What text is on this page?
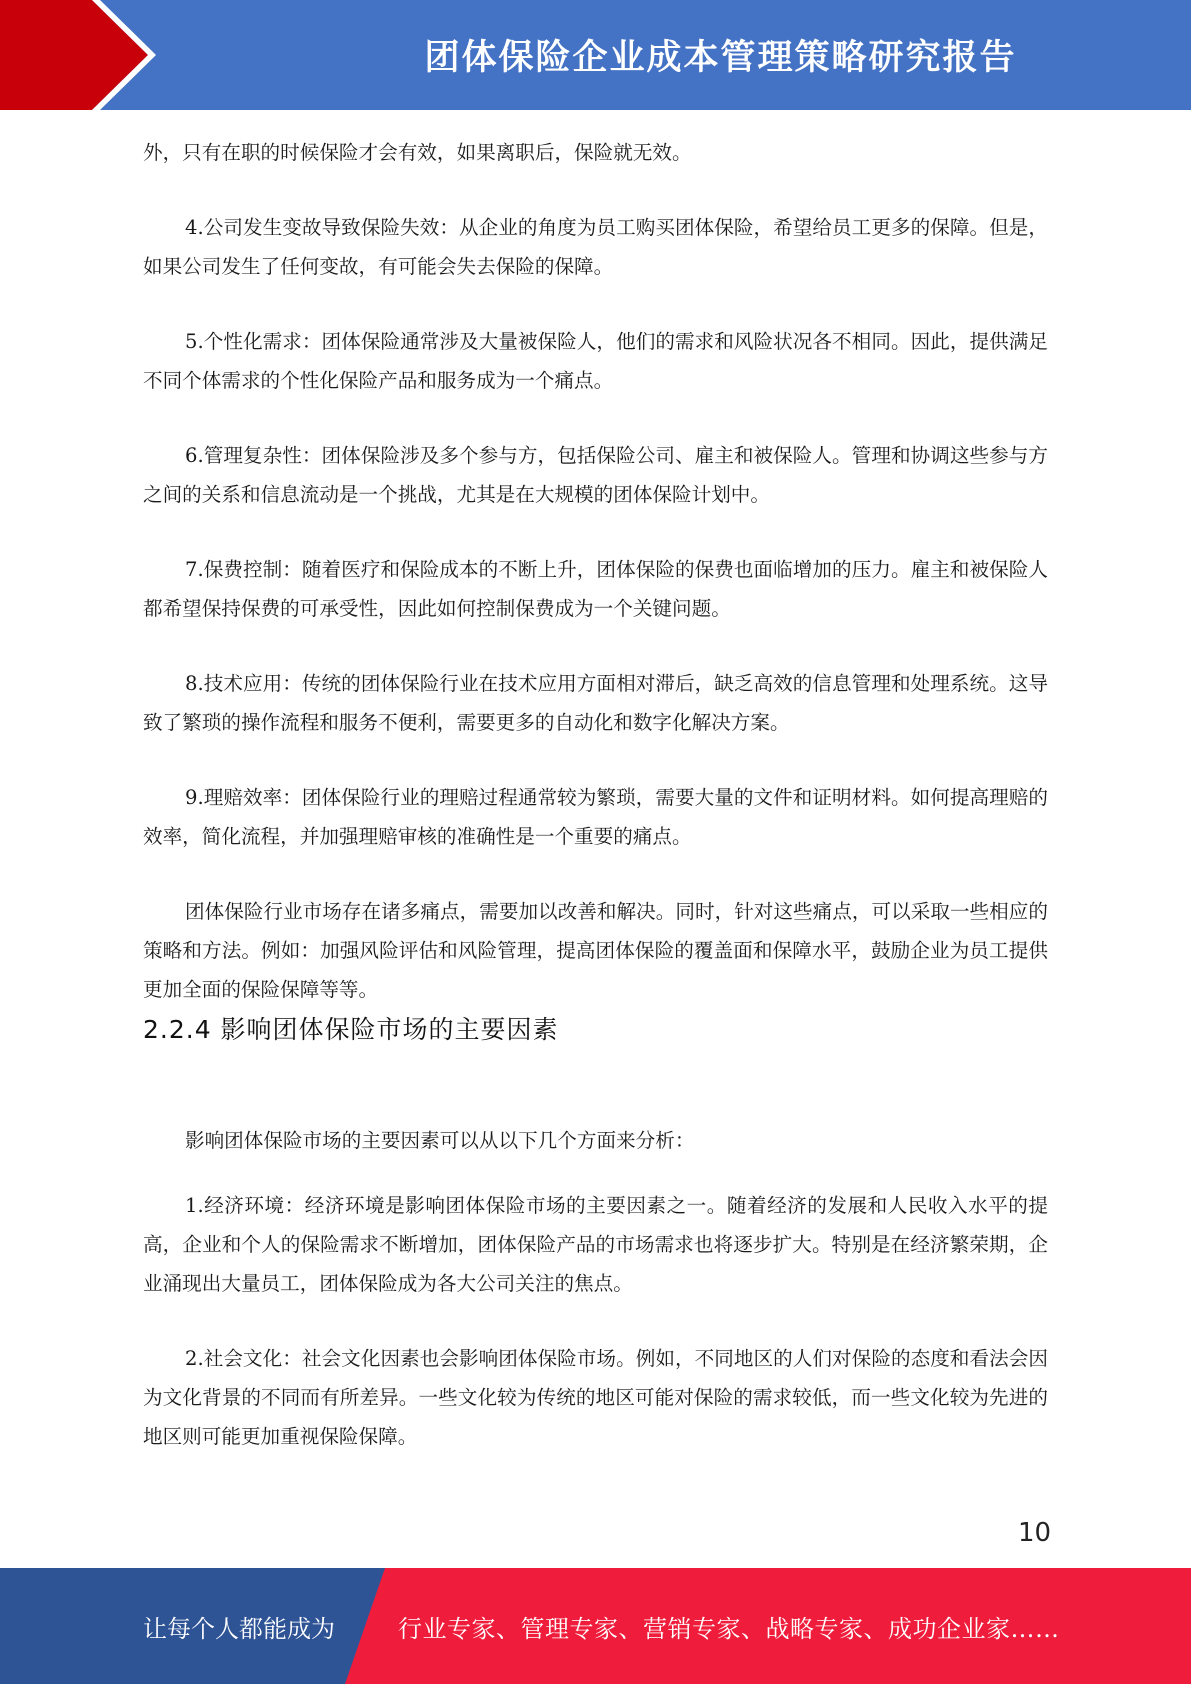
团体保险企业成本管理策略研究报告

外，只有在职的时候保险才会有效，如果离职后，保险就无效。

4.公司发生变故导致保险失效：从企业的角度为员工购买团体保险，希望给员工更多的保障。但是，如果公司发生了任何变故，有可能会失去保险的保障。

5.个性化需求：团体保险通常涉及大量被保险人，他们的需求和风险状况各不相同。因此，提供满足不同个体需求的个性化保险产品和服务成为一个痛点。

6.管理复杂性：团体保险涉及多个参与方，包括保险公司、雇主和被保险人。管理和协调这些参与方之间的关系和信息流动是一个挑战，尤其是在大规模的团体保险计划中。

7.保费控制：随着医疗和保险成本的不断上升，团体保险的保费也面临增加的压力。雇主和被保险人都希望保持保费的可承受性，因此如何控制保费成为一个关键问题。

8.技术应用：传统的团体保险行业在技术应用方面相对滞后，缺乏高效的信息管理和处理系统。这导致了繁琐的操作流程和服务不便利，需要更多的自动化和数字化解决方案。

9.理赔效率：团体保险行业的理赔过程通常较为繁琐，需要大量的文件和证明材料。如何提高理赔的效率，简化流程，并加强理赔审核的准确性是一个重要的痛点。

团体保险行业市场存在诸多痛点，需要加以改善和解决。同时，针对这些痛点，可以采取一些相应的策略和方法。例如：加强风险评估和风险管理，提高团体保险的覆盖面和保障水平，鼓励企业为员工提供更加全面的保险保障等等。

2.2.4 影响团体保险市场的主要因素

影响团体保险市场的主要因素可以从以下几个方面来分析：

1.经济环境：经济环境是影响团体保险市场的主要因素之一。随着经济的发展和人民收入水平的提高，企业和个人的保险需求不断增加，团体保险产品的市场需求也将逐步扩大。特别是在经济繁荣期，企业涌现出大量员工，团体保险成为各大公司关注的焦点。

2.社会文化：社会文化因素也会影响团体保险市场。例如，不同地区的人们对保险的态度和看法会因为文化背景的不同而有所差异。一些文化较为传统的地区可能对保险的需求较低，而一些文化较为先进的地区则可能更加重视保险保障。

10
让每个人都能成为	行业专家、管理专家、营销专家、战略专家、成功企业家……
